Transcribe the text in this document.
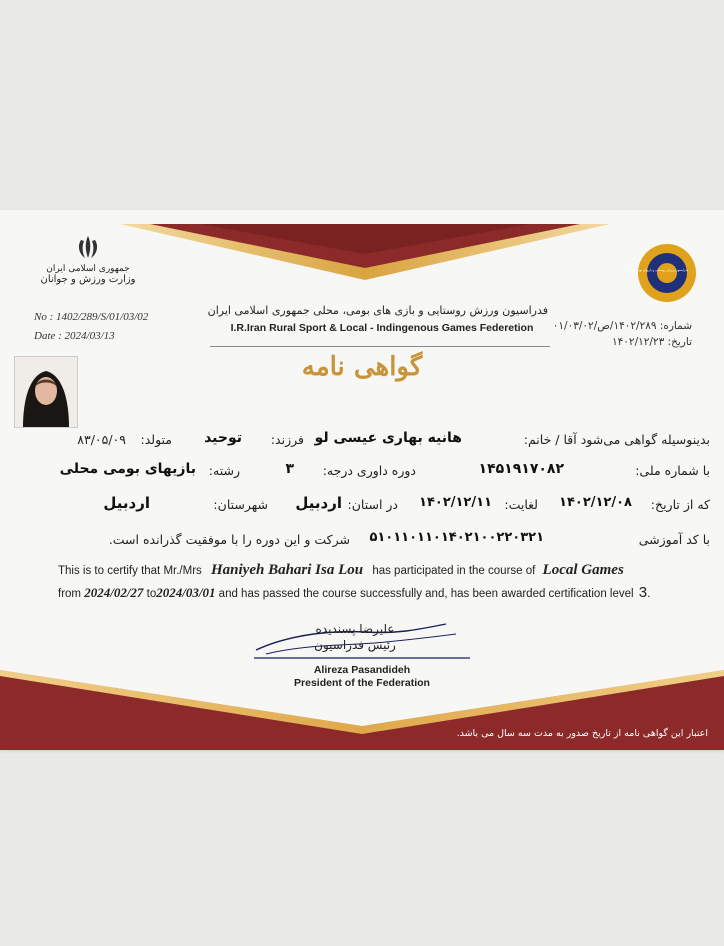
جمهوری اسلامی ایران
وزارت ورزش و جوانان
فدراسیون ورزش روستایی و بازیهای بومی محلی
فدراسیون ورزش روستایی و بازی های بومی، محلی جمهوری اسلامی ایران
I.R.Iran Rural Sport & Local - Indingenous Games Federetion
No : 1402/289/S/01/03/02
Date : 2024/03/13
شماره: ۱۴۰۲/۲۸۹/ص/۰۱/۰۳/۰۲
تاریخ: ۱۴۰۲/۱۲/۲۳
گواهی نامه
بدینوسیله گواهی می‌شود آقا / خانم:
هانیه بهاری عیسی لو
فرزند:
توحید
متولد:
۸۳/۰۵/۰۹
با شماره ملی:
۱۴۵۱۹۱۷۰۸۲
دوره داوری درجه:
۳
رشته:
بازیهای بومی محلی
که از تاریخ:
۱۴۰۲/۱۲/۰۸
لغایت:
۱۴۰۲/۱۲/۱۱
در استان:
اردبیل
شهرستان:
اردبیل
با کد آموزشی
۵۱۰۱۱۰۱۱۰۱۴۰۲۱۰۰۲۲۰۳۲۱
شرکت و این دوره را با موفقیت گذرانده است.
This is to certify that Mr./Mrs Haniyeh Bahari Isa Lou has participated in the course of Local Games
from 2024/02/27 to2024/03/01 and has passed the course successfully and, has been awarded certification level 3.
علیرضا پسندیده
رئیس فدراسیون
Alireza Pasandideh
President of the Federation
اعتبار این گواهی نامه از تاریخ صدور به مدت سه سال می باشد.
